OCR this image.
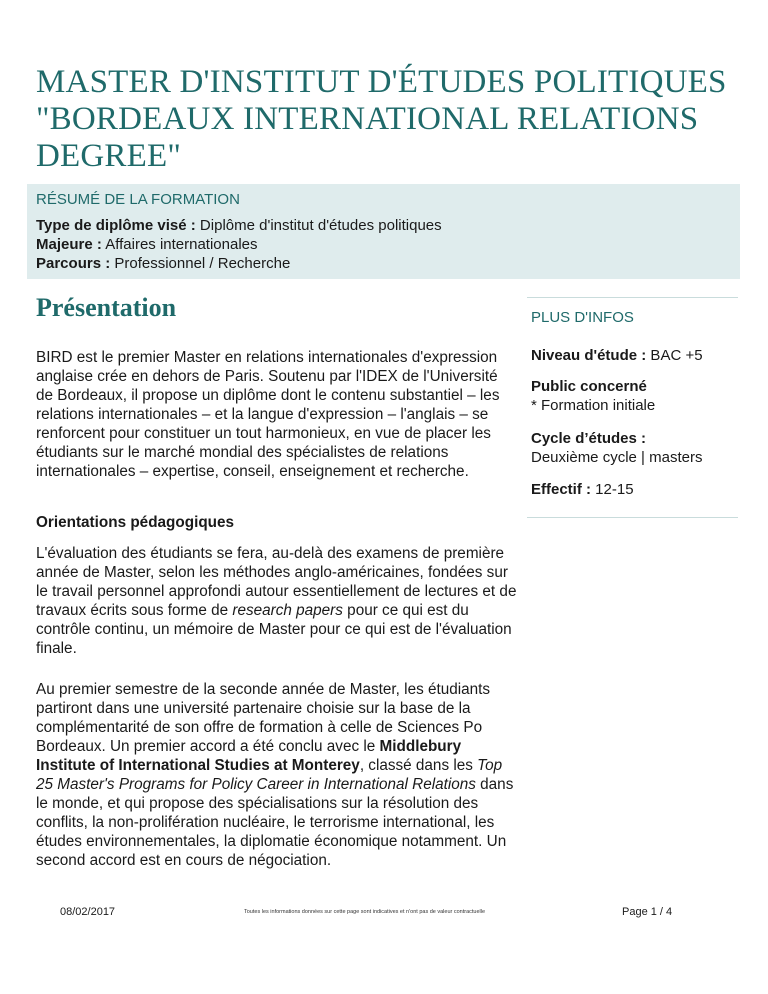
MASTER D'INSTITUT D'ÉTUDES POLITIQUES "BORDEAUX INTERNATIONAL RELATIONS DEGREE"
RÉSUMÉ DE LA FORMATION
Type de diplôme visé : Diplôme d'institut d'études politiques
Majeure : Affaires internationales
Parcours : Professionnel / Recherche
Présentation

BIRD est le premier Master en relations internationales d'expression anglaise crée en dehors de Paris. Soutenu par l'IDEX de l'Université de Bordeaux, il propose un diplôme dont le contenu substantiel – les relations internationales – et la langue d'expression – l'anglais – se renforcent pour constituer un tout harmonieux, en vue de placer les étudiants sur le marché mondial des spécialistes de relations internationales – expertise, conseil, enseignement et recherche.

Orientations pédagogiques

L'évaluation des étudiants se fera, au-delà des examens de première année de Master, selon les méthodes anglo-américaines, fondées sur le travail personnel approfondi autour essentiellement de lectures et de travaux écrits sous forme de research papers pour ce qui est du contrôle continu, un mémoire de Master pour ce qui est de l'évaluation finale.

Au premier semestre de la seconde année de Master, les étudiants partiront dans une université partenaire choisie sur la base de la complémentarité de son offre de formation à celle de Sciences Po Bordeaux. Un premier accord a été conclu avec le Middlebury Institute of International Studies at Monterey, classé dans les Top 25 Master's Programs for Policy Career in International Relations dans le monde, et qui propose des spécialisations sur la résolution des conflits, la non-prolifération nucléaire, le terrorisme international, les études environnementales, la diplomatie économique notamment. Un second accord est en cours de négociation.

PLUS D'INFOS
Niveau d'étude : BAC +5
Public concerné
* Formation initiale
Cycle d’études :
Deuxième cycle | masters
Effectif : 12-15
08/02/2017	Toutes les informations données sur cette page sont indicatives et n'ont pas de valeur contractuelle	Page 1 / 4
